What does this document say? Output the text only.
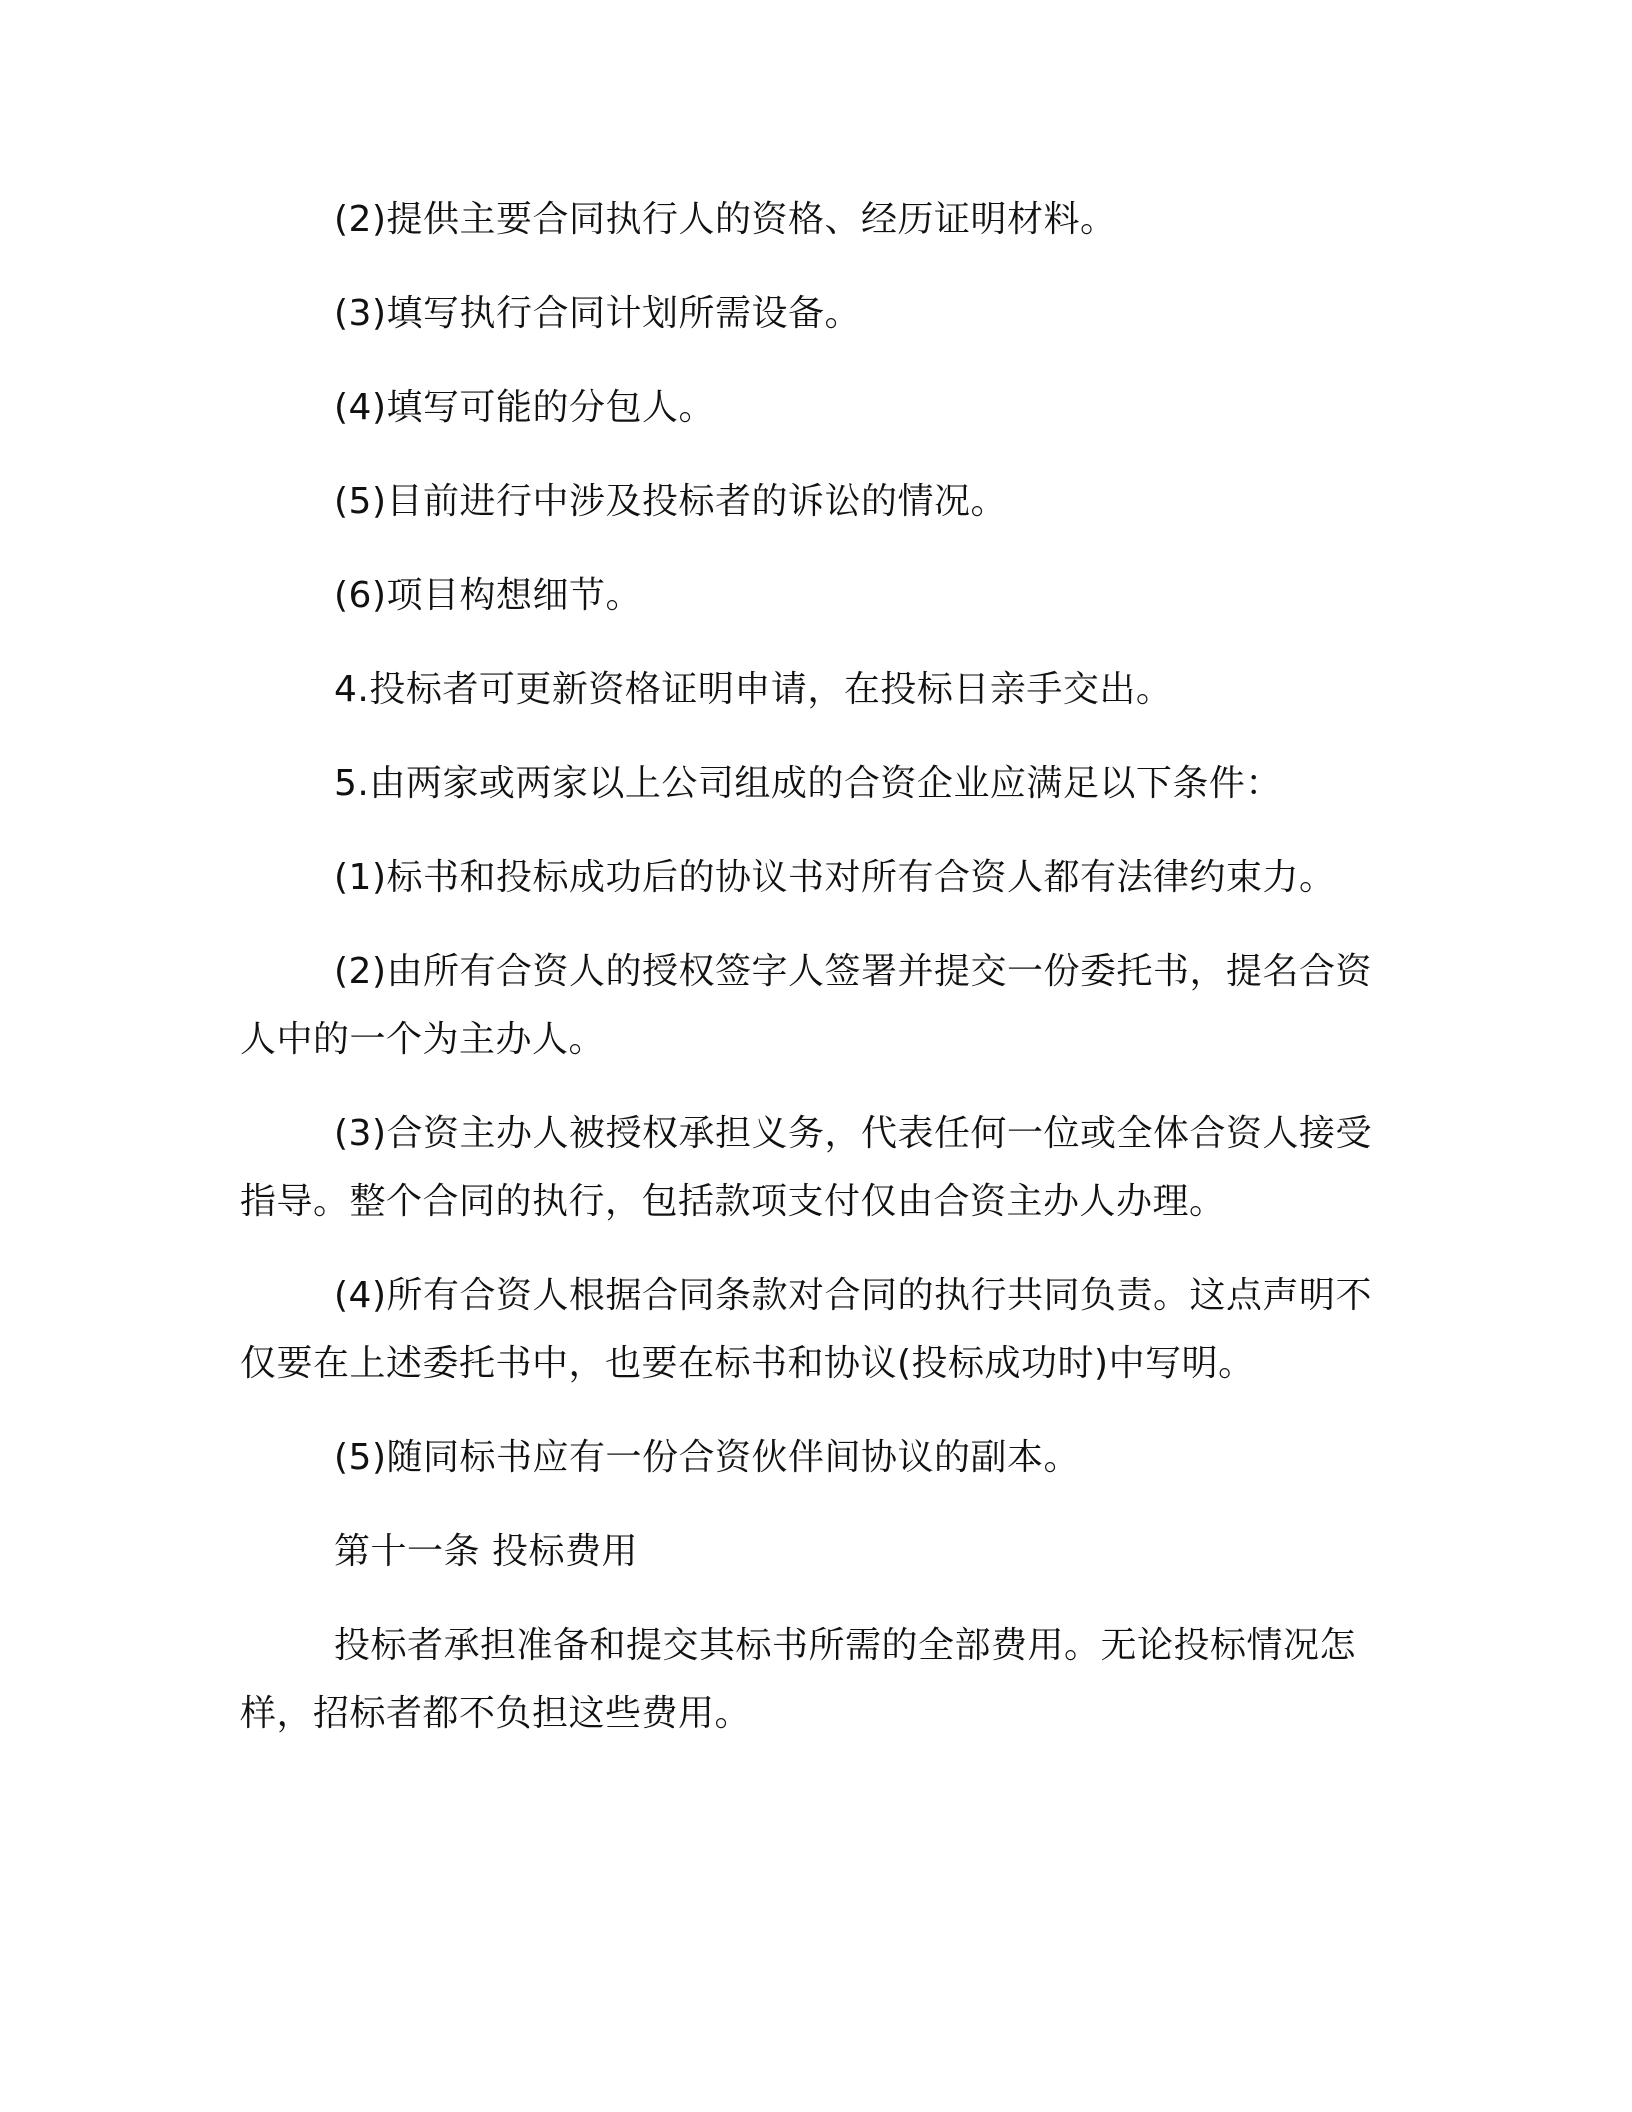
(2)提供主要合同执行人的资格、经历证明材料。

(3)填写执行合同计划所需设备。

(4)填写可能的分包人。

(5)目前进行中涉及投标者的诉讼的情况。

(6)项目构想细节。

4.投标者可更新资格证明申请，在投标日亲手交出。

5.由两家或两家以上公司组成的合资企业应满足以下条件：

(1)标书和投标成功后的协议书对所有合资人都有法律约束力。

(2)由所有合资人的授权签字人签署并提交一份委托书，提名合资人中的一个为主办人。

(3)合资主办人被授权承担义务，代表任何一位或全体合资人接受指导。整个合同的执行，包括款项支付仅由合资主办人办理。

(4)所有合资人根据合同条款对合同的执行共同负责。这点声明不仅要在上述委托书中，也要在标书和协议(投标成功时)中写明。

(5)随同标书应有一份合资伙伴间协议的副本。

第十一条 投标费用

投标者承担准备和提交其标书所需的全部费用。无论投标情况怎样，招标者都不负担这些费用。
